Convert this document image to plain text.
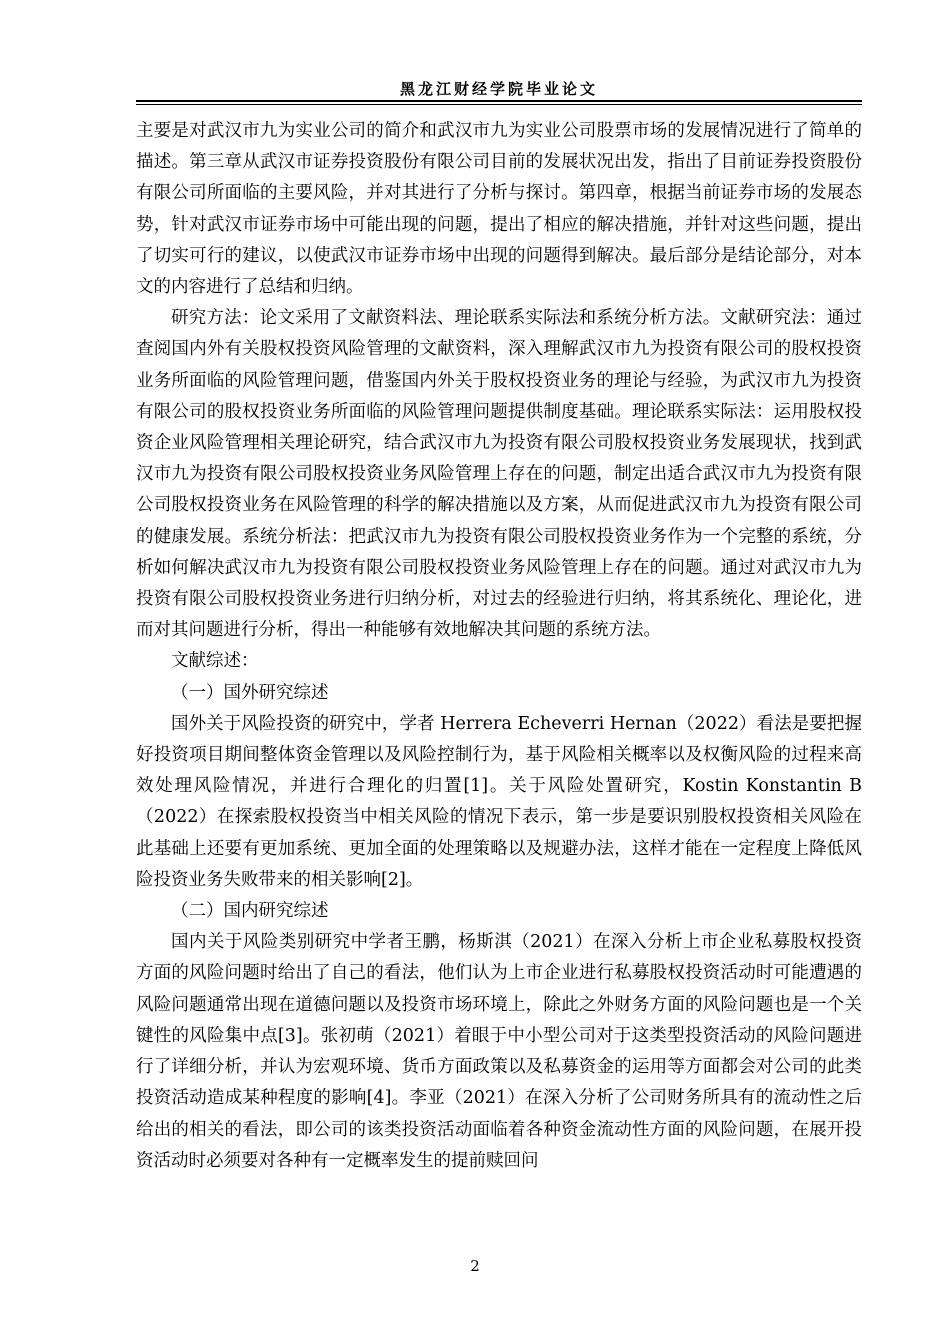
黑龙江财经学院毕业论文

主要是对武汉市九为实业公司的简介和武汉市九为实业公司股票市场的发展情况进行了简单的描述。第三章从武汉市证券投资股份有限公司目前的发展状况出发，指出了目前证券投资股份有限公司所面临的主要风险，并对其进行了分析与探讨。第四章，根据当前证券市场的发展态势，针对武汉市证券市场中可能出现的问题，提出了相应的解决措施，并针对这些问题，提出了切实可行的建议，以使武汉市证券市场中出现的问题得到解决。最后部分是结论部分，对本文的内容进行了总结和归纳。

研究方法：论文采用了文献资料法、理论联系实际法和系统分析方法。文献研究法：通过查阅国内外有关股权投资风险管理的文献资料，深入理解武汉市九为投资有限公司的股权投资业务所面临的风险管理问题，借鉴国内外关于股权投资业务的理论与经验，为武汉市九为投资有限公司的股权投资业务所面临的风险管理问题提供制度基础。理论联系实际法：运用股权投资企业风险管理相关理论研究，结合武汉市九为投资有限公司股权投资业务发展现状，找到武汉市九为投资有限公司股权投资业务风险管理上存在的问题，制定出适合武汉市九为投资有限公司股权投资业务在风险管理的科学的解决措施以及方案，从而促进武汉市九为投资有限公司的健康发展。系统分析法：把武汉市九为投资有限公司股权投资业务作为一个完整的系统，分析如何解决武汉市九为投资有限公司股权投资业务风险管理上存在的问题。通过对武汉市九为投资有限公司股权投资业务进行归纳分析，对过去的经验进行归纳，将其系统化、理论化，进而对其问题进行分析，得出一种能够有效地解决其问题的系统方法。

文献综述：

（一）国外研究综述

国外关于风险投资的研究中，学者 Herrera Echeverri Hernan（2022）看法是要把握好投资项目期间整体资金管理以及风险控制行为，基于风险相关概率以及权衡风险的过程来高效处理风险情况，并进行合理化的归置[1]。关于风险处置研究，Kostin Konstantin B（2022）在探索股权投资当中相关风险的情况下表示，第一步是要识别股权投资相关风险在此基础上还要有更加系统、更加全面的处理策略以及规避办法，这样才能在一定程度上降低风险投资业务失败带来的相关影响[2]。

（二）国内研究综述

国内关于风险类别研究中学者王鹏，杨斯淇（2021）在深入分析上市企业私募股权投资方面的风险问题时给出了自己的看法，他们认为上市企业进行私募股权投资活动时可能遭遇的风险问题通常出现在道德问题以及投资市场环境上，除此之外财务方面的风险问题也是一个关键性的风险集中点[3]。张初萌（2021）着眼于中小型公司对于这类型投资活动的风险问题进行了详细分析，并认为宏观环境、货币方面政策以及私募资金的运用等方面都会对公司的此类投资活动造成某种程度的影响[4]。李亚（2021）在深入分析了公司财务所具有的流动性之后给出的相关的看法，即公司的该类投资活动面临着各种资金流动性方面的风险问题，在展开投资活动时必须要对各种有一定概率发生的提前赎回问

2
